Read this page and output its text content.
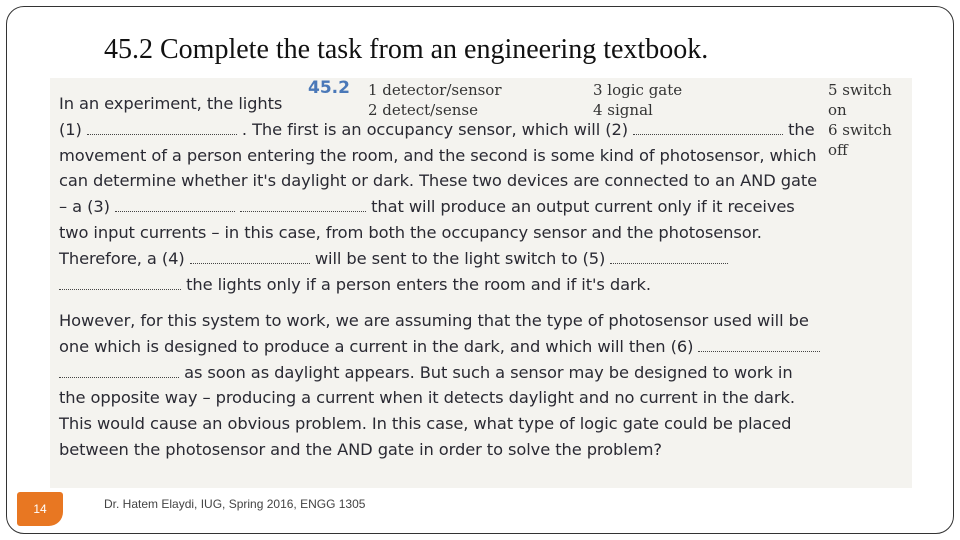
45.2 Complete the task from an engineering textbook.
45.2 1 detector/sensor
2 detect/sense
3 logic gate
4 signal
5 switch on
6 switch off
In an experiment, the lights
(1)	. The first is an occupancy sensor, which will (2)	the
movement of a person entering the room, and the second is some kind of photosensor, which
can determine whether it's daylight or dark. These two devices are connected to an AND gate
– a (3)	that will produce an output current only if it receives
two input currents – in this case, from both the occupancy sensor and the photosensor.
Therefore, a (4)	will be sent to the light switch to (5)
the lights only if a person enters the room and if it's dark.
However, for this system to work, we are assuming that the type of photosensor used will be
one which is designed to produce a current in the dark, and which will then (6)
as soon as daylight appears. But such a sensor may be designed to work in
the opposite way – producing a current when it detects daylight and no current in the dark.
This would cause an obvious problem. In this case, what type of logic gate could be placed
between the photosensor and the AND gate in order to solve the problem?
14	Dr. Hatem Elaydi, IUG, Spring 2016, ENGG 1305
